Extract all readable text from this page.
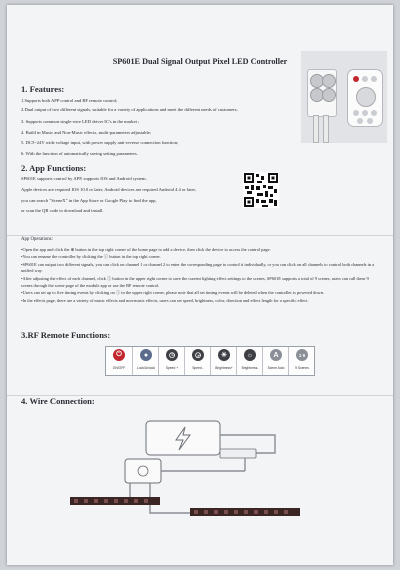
SP601E Dual Signal Output Pixel LED Controller
1. Features:
1.Supports both APP control and RF remote control;
2.Dual output of two different signals, suitable for a variety of applications and meet the different needs of customers;
3. Supports common single-wire LED driver IC's in the market ;
4. Build in Music and Non-Music effects, multi-parameters adjustable;
5. DC5~24V wide voltage input, with power supply anti-reverse connection function;
6. With the function of automatically saving setting parameters.
2. App Functions:
SP601E supports control by APP, supports IOS and Android system.
Apple devices are required IOS 10.0 or later, Android devices are required Android 4.4 or later,
you can search "SceneX" in the App Store or Google Play to find the app,
or scan the QR code to download and install.

App Operations:

•Open the app and click the ⊕ button in the top right corner of the home page to add a device, then click the device to access the control page.

•You can rename the controller by clicking the ⓘ button in the top right corner.

•SP601E can output two different signals, you can click on channel 1 or channel 2 to enter the corresponding page to control it individually, or you can click on all channels to control both channels in a unified way.

•After adjusting the effect of each channel, click ⓘ button in the upper right corner to save the current lighting effect settings to the scenes, SP601E supports a total of 9 scenes, users can call these 9 scenes through the scene page of the module app or use the RF remote control.

•Users can set up to five timing events by clicking on ⓘ in the upper right corner, please note that all set timing events will be deleted when the controller is powered down.

•In the effects page, there are a variety of music effects and non-music effects, users can set speed, brightness, color, direction and effect length for a specific effect.

3.RF Remote Functions:
⏻
ON/OFF
●
Lock/Unlock
◷
Speed +
◶
Speed -
☀
Brightness+
☼
Brightness-
A
Scene Auto
1 9
9 Scenes
4. Wire Connection:
